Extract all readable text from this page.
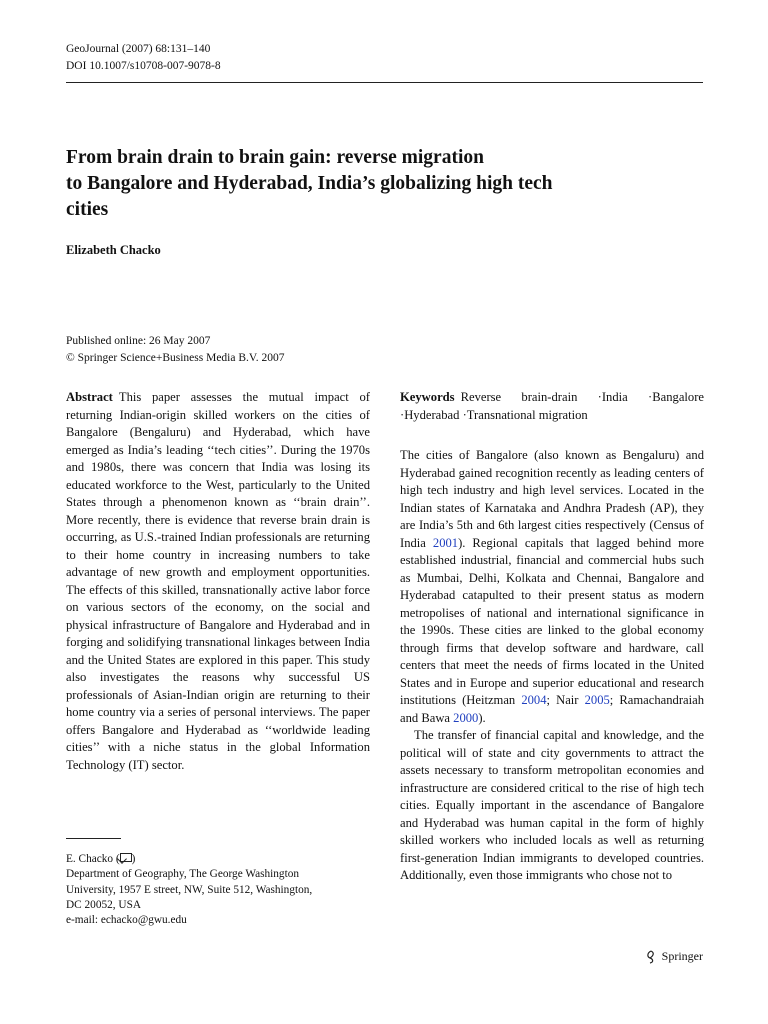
GeoJournal (2007) 68:131–140
DOI 10.1007/s10708-007-9078-8
From brain drain to brain gain: reverse migration
to Bangalore and Hyderabad, India’s globalizing high tech
cities
Elizabeth Chacko
Published online: 26 May 2007
© Springer Science+Business Media B.V. 2007

Abstract This paper assesses the mutual impact of returning Indian-origin skilled workers on the cities of Bangalore (Bengaluru) and Hyderabad, which have emerged as India’s leading ‘‘tech cities’’. During the 1970s and 1980s, there was concern that India was losing its educated workforce to the West, particularly to the United States through a phenomenon known as ‘‘brain drain’’. More recently, there is evidence that reverse brain drain is occurring, as U.S.-trained Indian professionals are returning to their home country in increasing numbers to take advantage of new growth and employment opportunities. The effects of this skilled, transnationally active labor force on various sectors of the economy, on the social and physical infrastructure of Bangalore and Hyderabad and in forging and solidifying transnational linkages between India and the United States are explored in this paper. This study also investigates the reasons why successful US professionals of Asian-Indian origin are returning to their home country via a series of personal interviews. The paper offers Bangalore and Hyderabad as ‘‘worldwide leading cities’’ with a niche status in the global Information Technology (IT) sector.

E. Chacko ( )
Department of Geography, The George Washington
University, 1957 E street, NW, Suite 512, Washington,
DC 20052, USA
e-mail: echacko@gwu.edu

Keywords Reverse brain-drain · India · Bangalore · Hyderabad · Transnational migration

The cities of Bangalore (also known as Bengaluru) and Hyderabad gained recognition recently as leading centers of high tech industry and high level services. Located in the Indian states of Karnataka and Andhra Pradesh (AP), they are India’s 5th and 6th largest cities respectively (Census of India 2001). Regional capitals that lagged behind more established industrial, financial and commercial hubs such as Mumbai, Delhi, Kolkata and Chennai, Bangalore and Hyderabad catapulted to their present status as modern metropolises of national and international significance in the 1990s. These cities are linked to the global economy through firms that develop software and hardware, call centers that meet the needs of firms located in the United States and in Europe and superior educational and research institutions (Heitzman 2004; Nair 2005; Ramachandraiah and Bawa 2000).

The transfer of financial capital and knowledge, and the political will of state and city governments to attract the assets necessary to transform metropolitan economies and infrastructure are considered critical to the rise of high tech cities. Equally important in the ascendance of Bangalore and Hyderabad was human capital in the form of highly skilled workers who included locals as well as returning first-generation Indian immigrants to developed countries. Additionally, even those immigrants who chose not to

Springer
